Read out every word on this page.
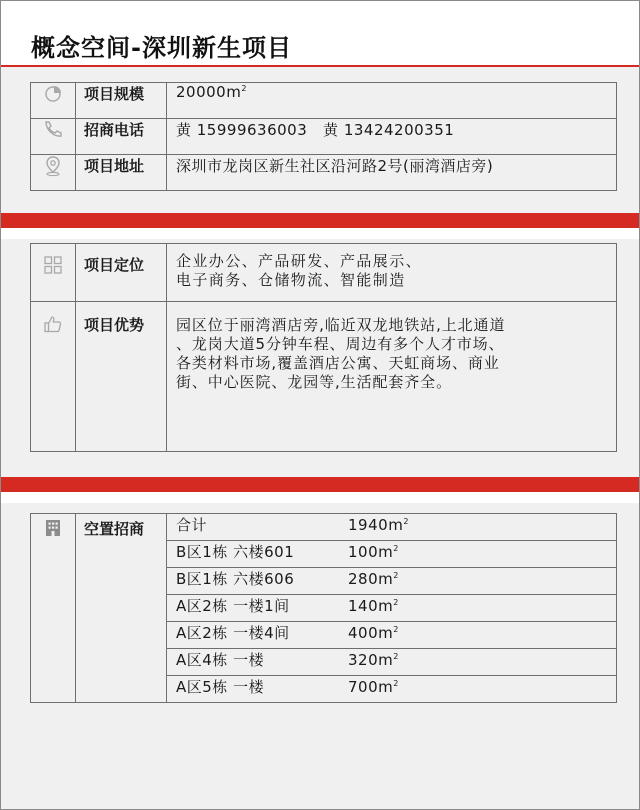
概念空间-深圳新生项目
	项目规模	$20000m^2$
	招商电话	黄 15999636003   黄 13424200351
	项目地址	深圳市龙岗区新生社区沿河路2号(丽湾酒店旁)
	项目定位	企业办公、产品研发、产品展示、
电子商务、仓储物流、智能制造

	项目优势	园区位于丽湾酒店旁,临近双龙地铁站,上北通道
、龙岗大道5分钟车程、周边有多个人才市场、
各类材料市场,覆盖酒店公寓、天虹商场、商业
街、中心医院、龙园等,生活配套齐全。
	空置招商	合计	$1940m^2$
B区1栋 六楼601	$100m^2$
B区1栋 六楼606	$280m^2$
A区2栋 一楼1间	$140m^2$
A区2栋 一楼4间	$400m^2$
A区4栋 一楼	$320m^2$
A区5栋 一楼	$700m^2$
